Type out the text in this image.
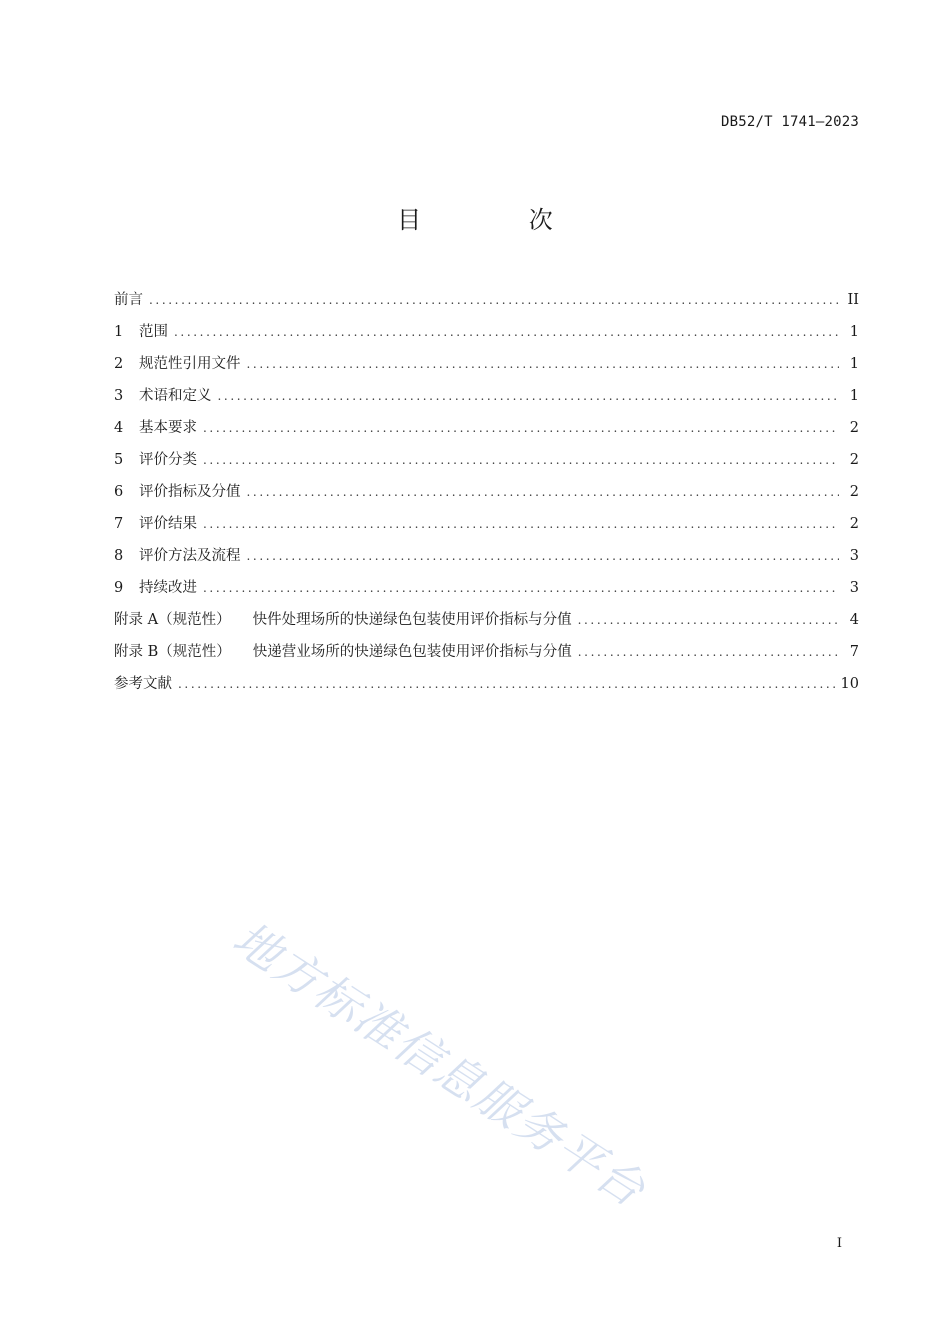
DB52/T 1741—2023
目 次
前言 .....	II
1 范围 .....	1
2 规范性引用文件 .....	1
3 术语和定义 .....	1
4 基本要求 .....	2
5 评价分类 .....	2
6 评价指标及分值 .....	2
7 评价结果 .....	2
8 评价方法及流程 .....	3
9 持续改进 .....	3
附录 A（规范性） 快件处理场所的快递绿色包装使用评价指标与分值 .....	4
附录 B（规范性） 快递营业场所的快递绿色包装使用评价指标与分值 .....	7
参考文献 .....	10
地方标准信息服务平台
I
